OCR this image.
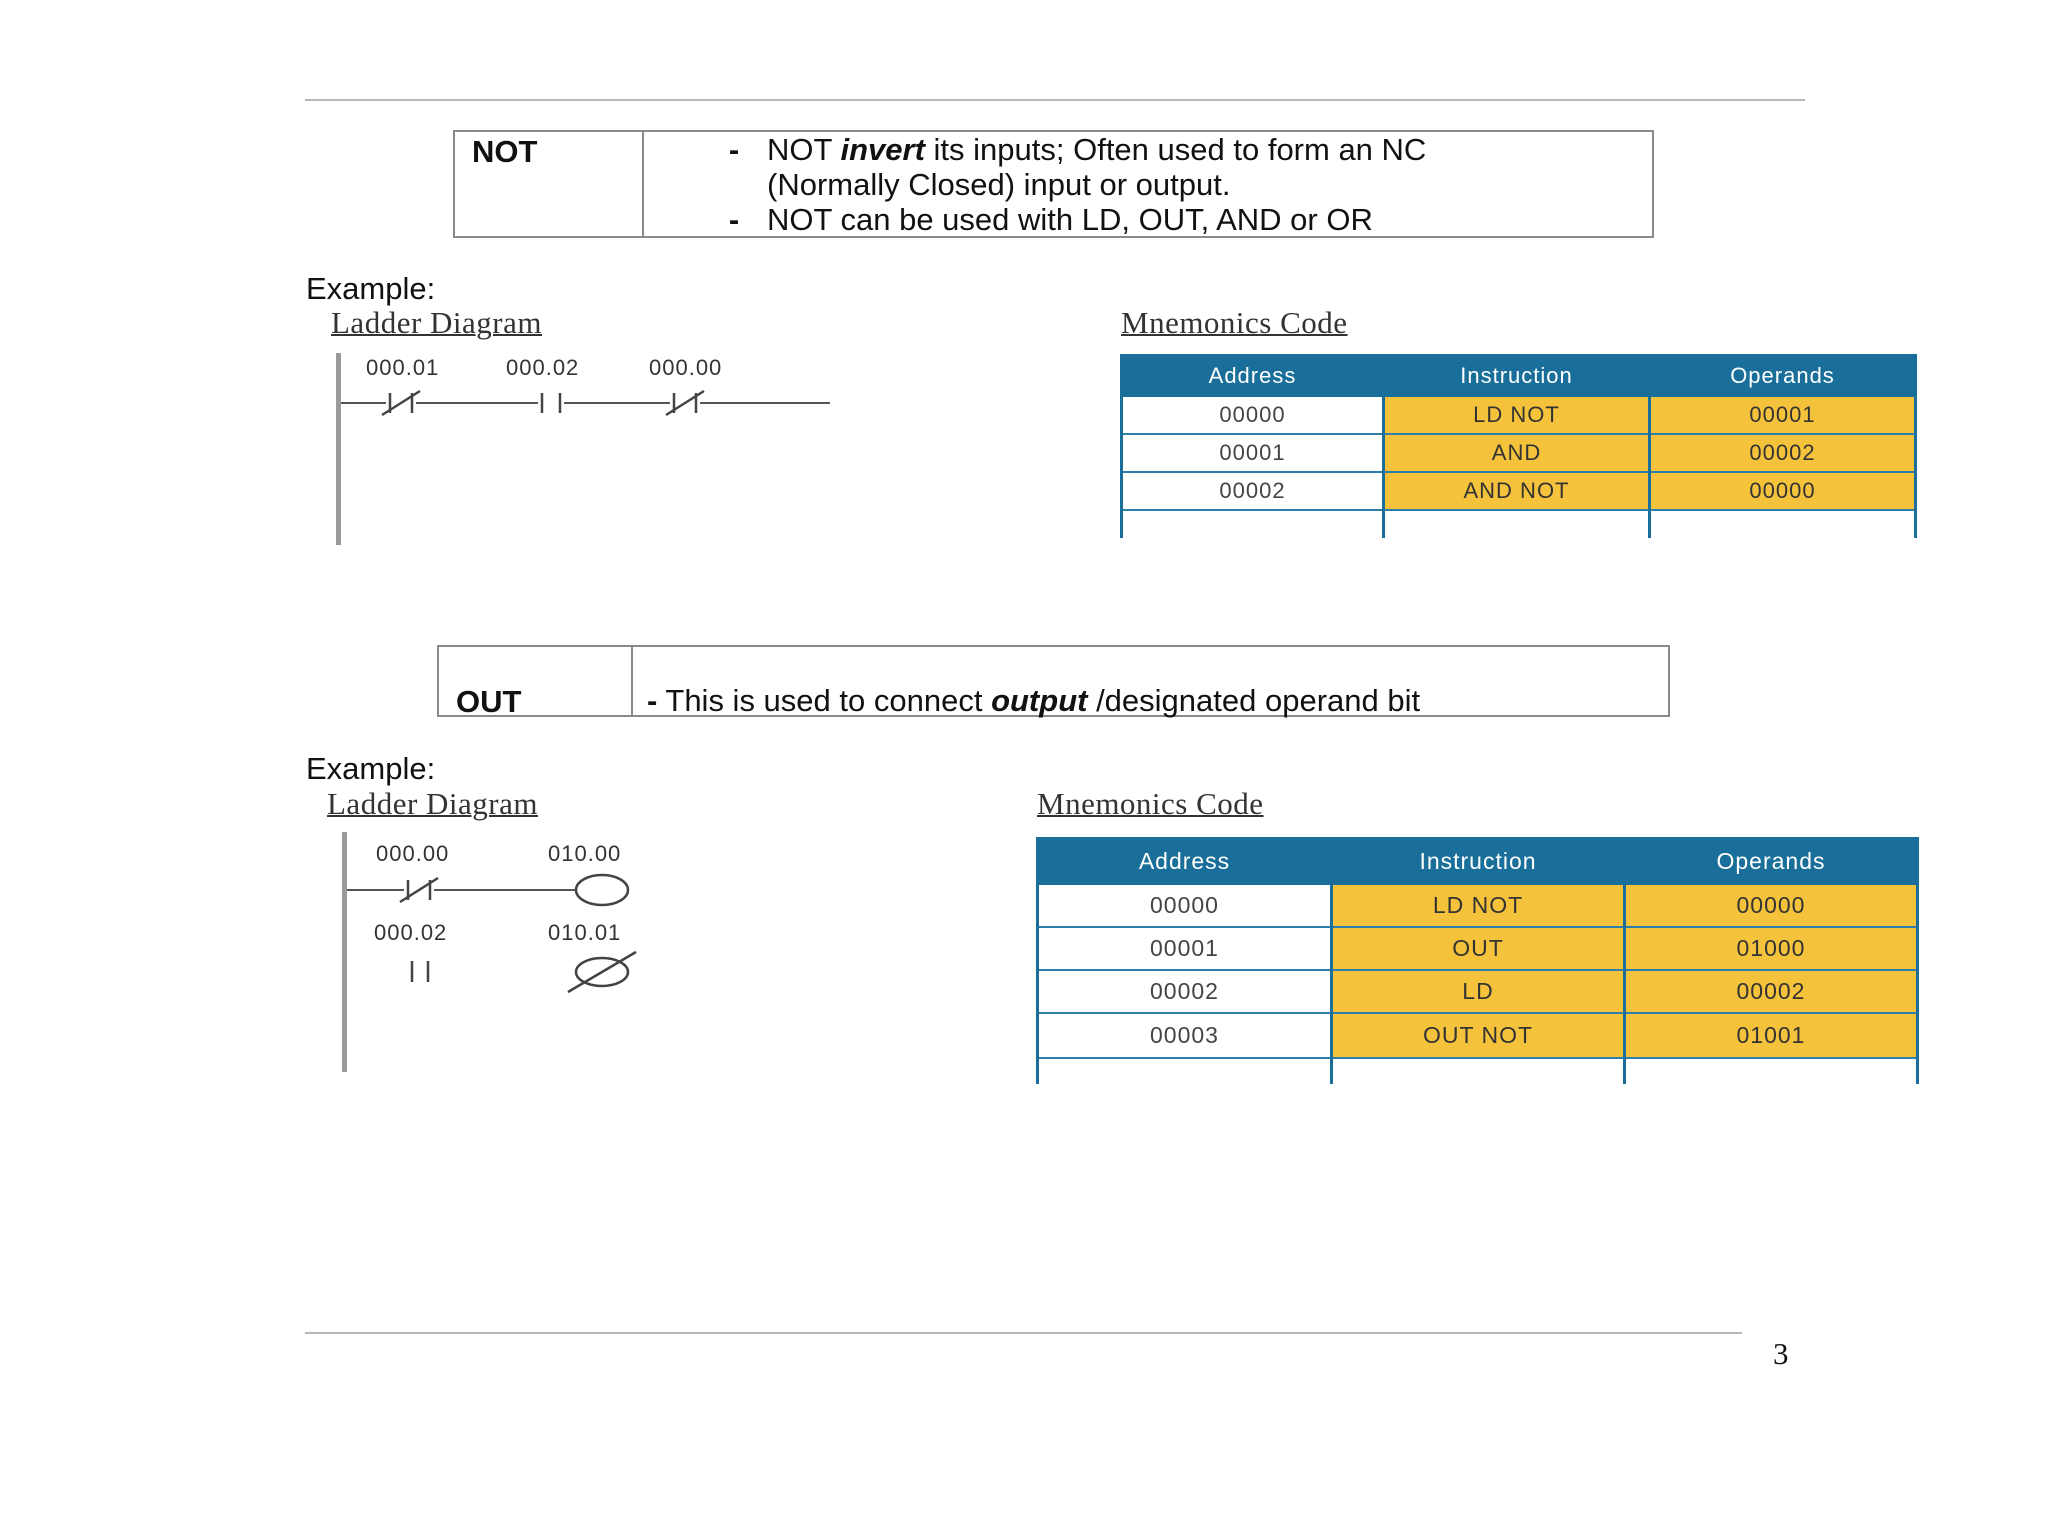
NOT	- NOT invert its inputs; Often used to form an NC
(Normally Closed) input or output.
- NOT can be used with LD, OUT, AND or OR
Example:
Ladder Diagram	Mnemonics Code
000.01	000.02	000.00	Address	Instruction	Operands
00000	LD NOT	00001
00001	AND	00002
00002	AND NOT	00000

OUT	- This is used to connect output /designated operand bit
Example:
Ladder Diagram	Mnemonics Code
000.00	010.00
000.02	010.01
Address	Instruction	Operands
00000	LD NOT	00000
00001	OUT	01000
00002	LD	00002
00003	OUT NOT	01001

3
